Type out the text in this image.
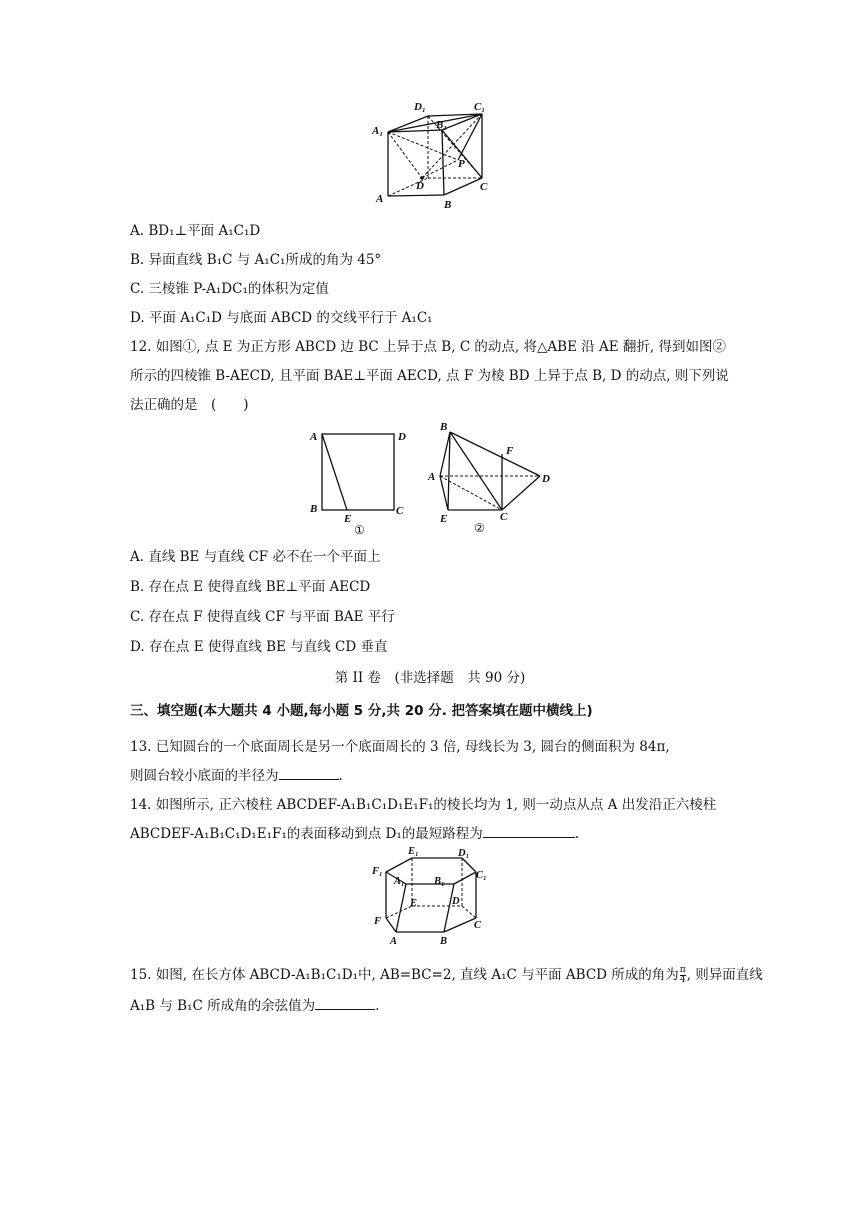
D₁	C₁
A₁	B₁
P
D	C
A	B
A. BD₁⊥平面 A₁C₁D
B. 异面直线 B₁C 与 A₁C₁所成的角为 45°
C. 三棱锥 P-A₁DC₁的体积为定值
D. 平面 A₁C₁D 与底面 ABCD 的交线平行于 A₁C₁
12. 如图①, 点 E 为正方形 ABCD 边 BC 上异于点 B, C 的动点, 将△ABE 沿 AE 翻折, 得到如图②
所示的四棱锥 B-AECD, 且平面 BAE⊥平面 AECD, 点 F 为棱 BD 上异于点 B, D 的动点, 则下列说
法正确的是　(　　)
A	D
B
E
C
①
B
F
A	D
E	C
②
A. 直线 BE 与直线 CF 必不在一个平面上
B. 存在点 E 使得直线 BE⊥平面 AECD
C. 存在点 F 使得直线 CF 与平面 BAE 平行
D. 存在点 E 使得直线 BE 与直线 CD 垂直
第 II 卷　(非选择题　共 90 分)
三、填空题(本大题共 4 小题,每小题 5 分,共 20 分. 把答案填在题中横线上)
13. 已知圆台的一个底面周长是另一个底面周长的 3 倍, 母线长为 3, 圆台的侧面积为 84π,
则圆台较小底面的半径为	.
14. 如图所示, 正六棱柱 ABCDEF-A₁B₁C₁D₁E₁F₁的棱长均为 1, 则一动点从点 A 出发沿正六棱柱
ABCDEF-A₁B₁C₁D₁E₁F₁的表面移动到点 D₁的最短路程为	.
E₁	D₁
F₁
A₁	B₁
C₁
E	D
F	C
A	B
15. 如图, 在长方体 ABCD-A₁B₁C₁D₁中, AB=BC=2, 直线 A₁C 与平面 ABCD 所成的角为 $\frac{\pi}{4}$ , 则异面直线
A₁B 与 B₁C 所成角的余弦值为	.
